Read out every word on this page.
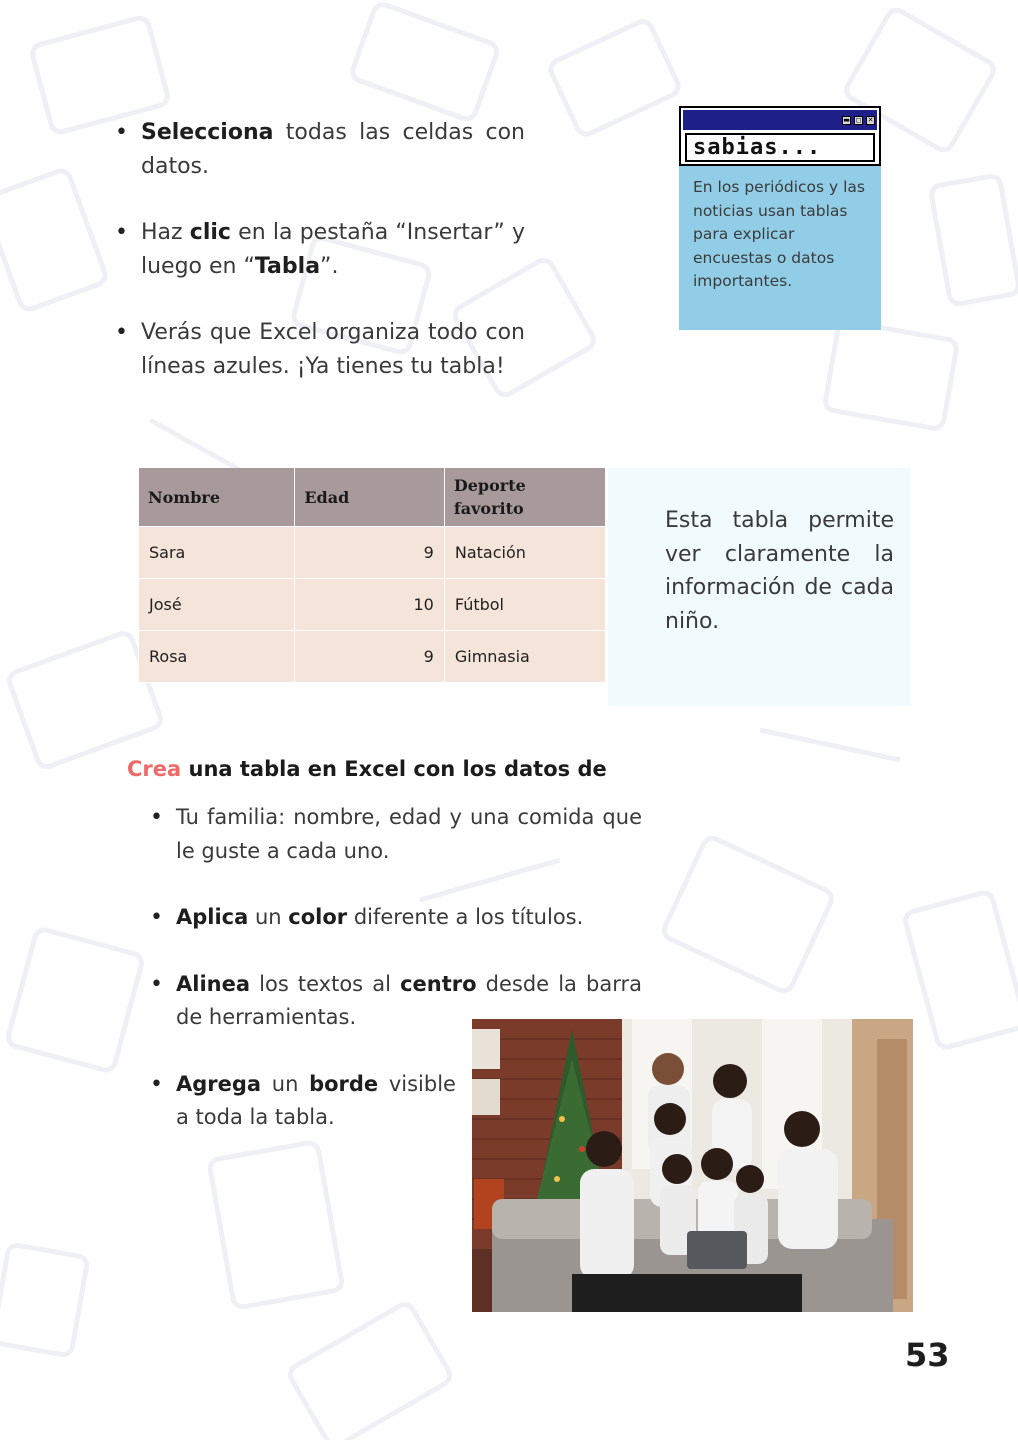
• Selecciona todas las celdas con datos.
• Haz clic en la pestaña “Insertar” y luego en “Tabla”.
• Verás que Excel organiza todo con líneas azules. ¡Ya tienes tu tabla!
▬ ◻ ✕
sabias...

En los periódicos y las noticias usan tablas para explicar encuestas o datos importantes.

Nombre	Edad	Deporte favorito
Sara	9	Natación
José	10	Fútbol
Rosa	9	Gimnasia

Esta tabla permite ver claramente la información de cada niño.

Crea una tabla en Excel con los datos de
• Tu familia: nombre, edad y una comida que le guste a cada uno.
• Aplica un color diferente a los títulos.
• Alinea los textos al centro desde la barra de herramientas.
• Agrega un borde visible a toda la tabla.
53
